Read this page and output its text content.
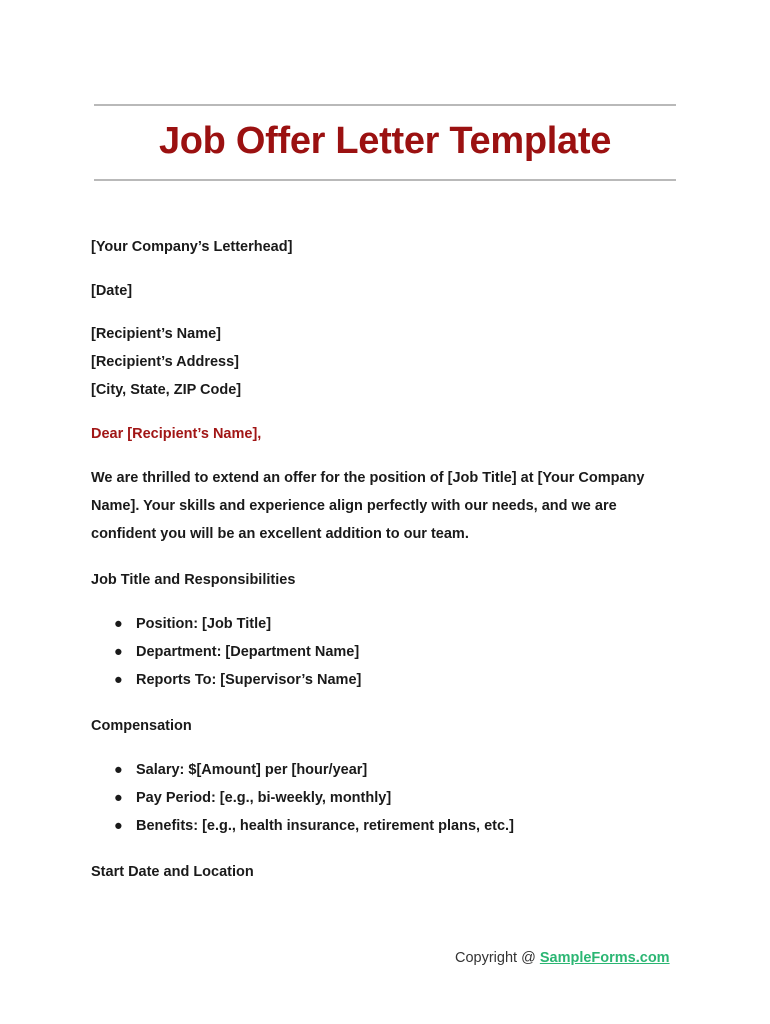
Job Offer Letter Template
[Your Company’s Letterhead]
[Date]
[Recipient’s Name]
[Recipient’s Address]
[City, State, ZIP Code]
Dear [Recipient’s Name],
We are thrilled to extend an offer for the position of [Job Title] at [Your Company
Name]. Your skills and experience align perfectly with our needs, and we are
confident you will be an excellent addition to our team.
Job Title and Responsibilities
● Position: [Job Title]
● Department: [Department Name]
● Reports To: [Supervisor’s Name]
Compensation
● Salary: $[Amount] per [hour/year]
● Pay Period: [e.g., bi-weekly, monthly]
● Benefits: [e.g., health insurance, retirement plans, etc.]
Start Date and Location
Copyright @ SampleForms.com
